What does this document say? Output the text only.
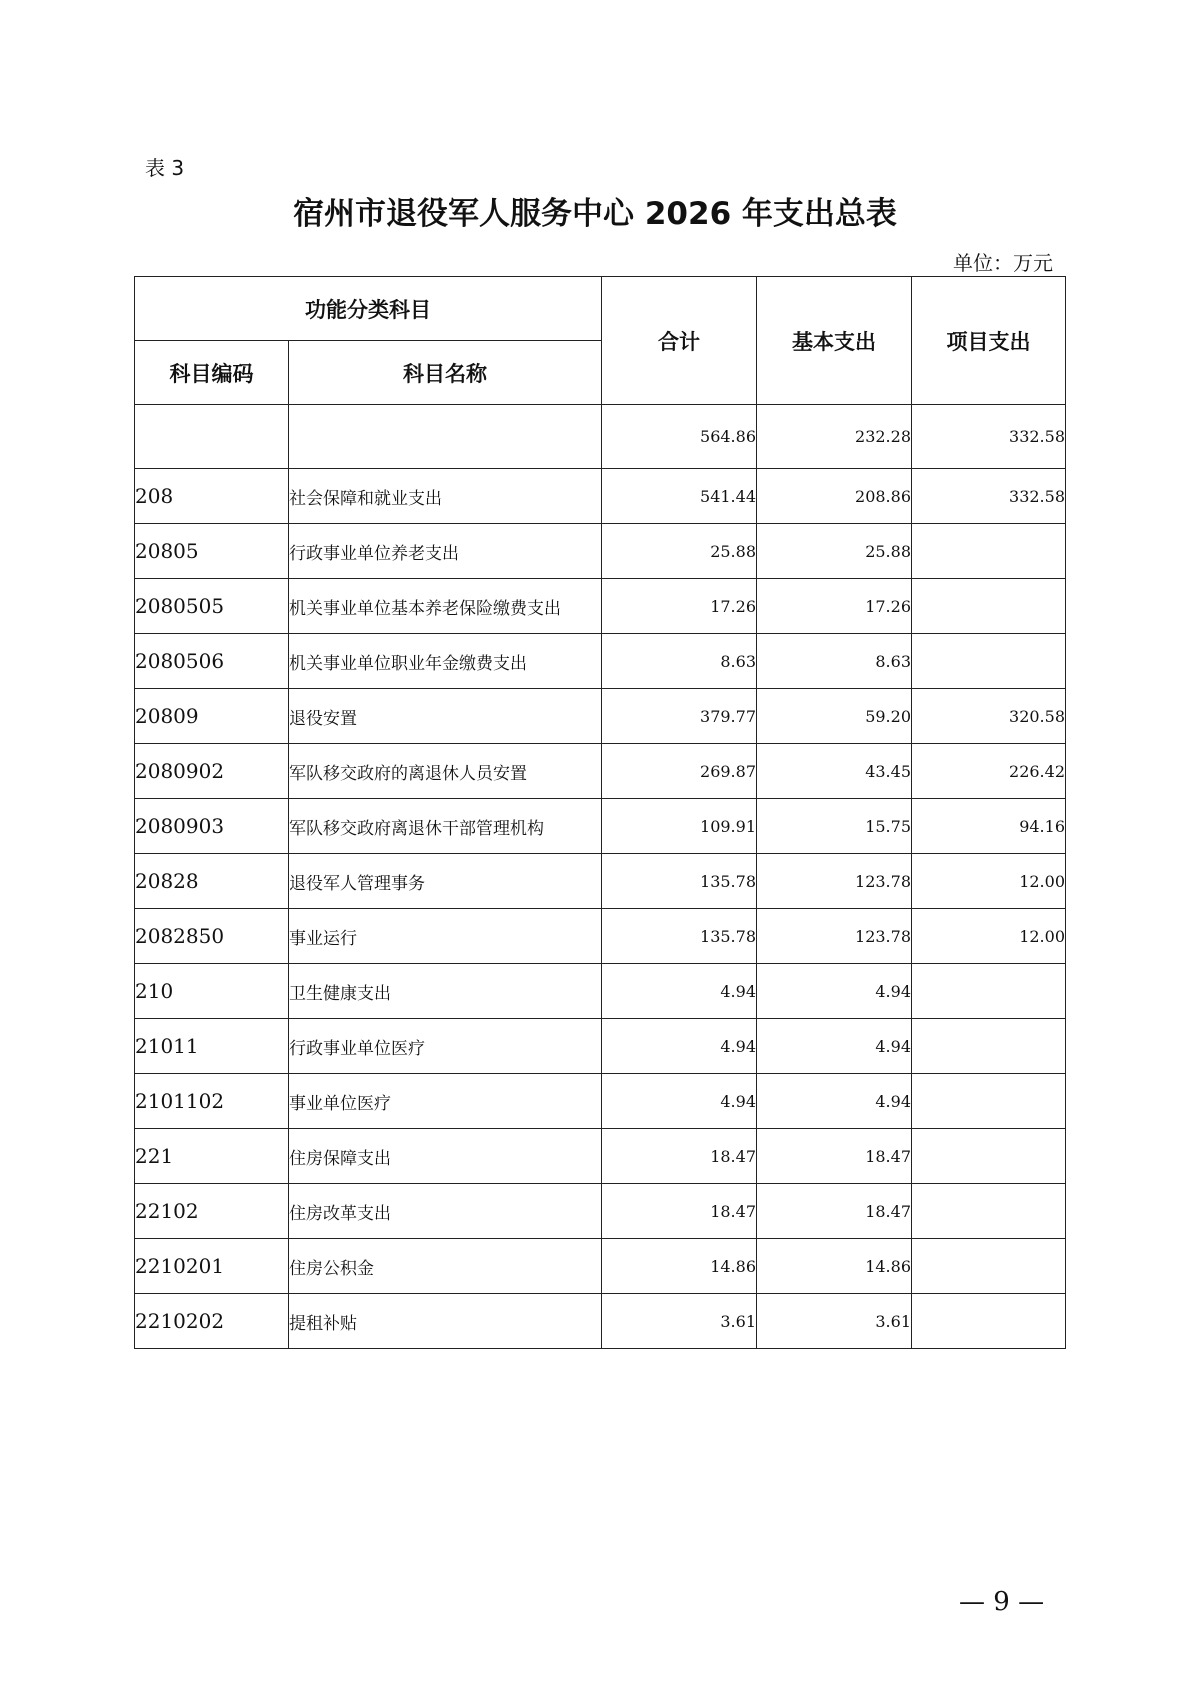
表 3
宿州市退役军人服务中心 2026 年支出总表
单位：万元
功能分类科目		合计	基本支出	项目支出
科目编码	科目名称			
		564.86	232.28	332.58
208	社会保障和就业支出	541.44	208.86	332.58
20805	行政事业单位养老支出	25.88	25.88	
2080505	机关事业单位基本养老保险缴费支出	17.26	17.26	
2080506	机关事业单位职业年金缴费支出	8.63	8.63	
20809	退役安置	379.77	59.20	320.58
2080902	军队移交政府的离退休人员安置	269.87	43.45	226.42
2080903	军队移交政府离退休干部管理机构	109.91	15.75	94.16
20828	退役军人管理事务	135.78	123.78	12.00
2082850	事业运行	135.78	123.78	12.00
210	卫生健康支出	4.94	4.94	
21011	行政事业单位医疗	4.94	4.94	
2101102	事业单位医疗	4.94	4.94	
221	住房保障支出	18.47	18.47	
22102	住房改革支出	18.47	18.47	
2210201	住房公积金	14.86	14.86	
2210202	提租补贴	3.61	3.61	
— 9 —
